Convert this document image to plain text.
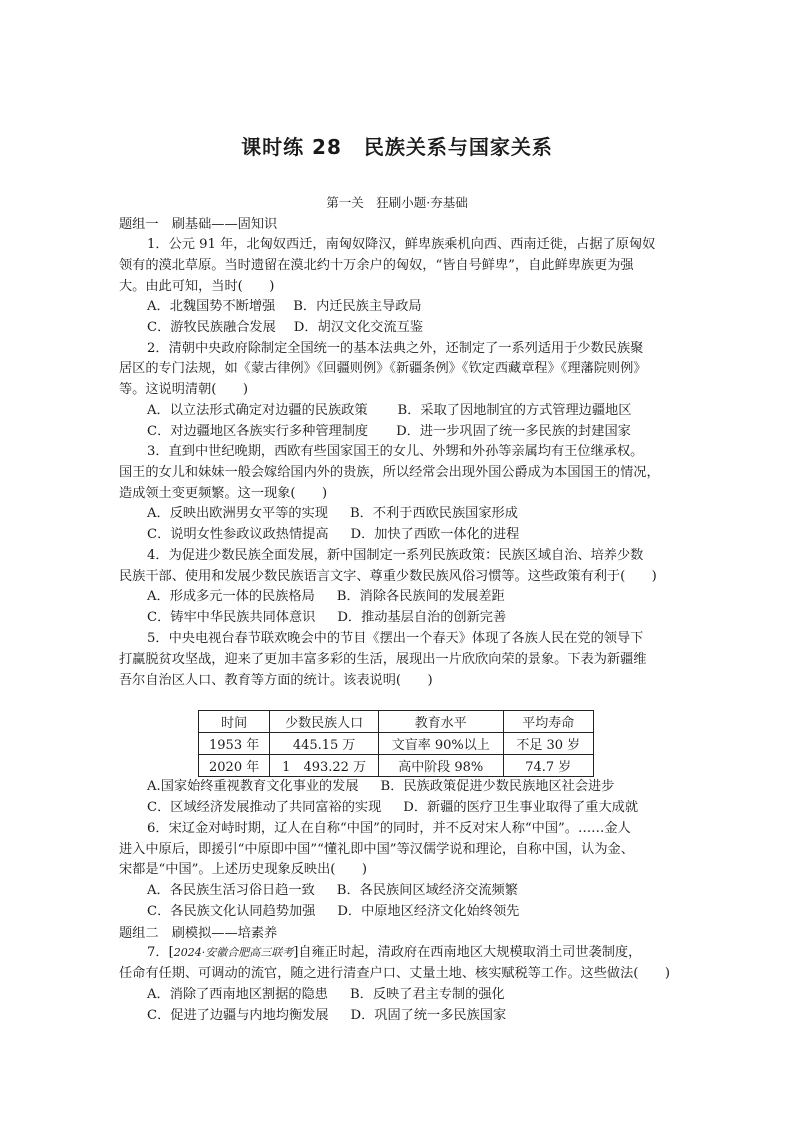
课时练 28 民族关系与国家关系
第一关　狂刷小题·夯基础
题组一　刷基础——固知识
1．公元 91 年，北匈奴西迁，南匈奴降汉，鲜卑族乘机向西、西南迁徙，占据了原匈奴
领有的漠北草原。当时遗留在漠北约十万余户的匈奴，“皆自号鲜卑”，自此鲜卑族更为强
大。由此可知，当时(　　)
A．北魏国势不断增强 B．内迁民族主导政局
C．游牧民族融合发展 D．胡汉文化交流互鉴
2．清朝中央政府除制定全国统一的基本法典之外，还制定了一系列适用于少数民族聚
居区的专门法规，如《蒙古律例》《回疆则例》《新疆条例》《钦定西藏章程》《理藩院则例》
等。这说明清朝(　　)
A．以立法形式确定对边疆的民族政策 B．采取了因地制宜的方式管理边疆地区
C．对边疆地区各族实行多种管理制度 D．进一步巩固了统一多民族的封建国家
3．直到中世纪晚期，西欧有些国家国王的女儿、外甥和外孙等亲属均有王位继承权。
国王的女儿和妹妹一般会嫁给国内外的贵族，所以经常会出现外国公爵成为本国国王的情况，
造成领土变更频繁。这一现象(　　)
A．反映出欧洲男女平等的实现 B．不利于西欧民族国家形成
C．说明女性参政议政热情提高 D．加快了西欧一体化的进程
4．为促进少数民族全面发展，新中国制定一系列民族政策：民族区域自治、培养少数
民族干部、使用和发展少数民族语言文字、尊重少数民族风俗习惯等。这些政策有利于(　　)
A．形成多元一体的民族格局 B．消除各民族间的发展差距
C．铸牢中华民族共同体意识 D．推动基层自治的创新完善
5．中央电视台春节联欢晚会中的节目《摆出一个春天》体现了各族人民在党的领导下
打赢脱贫攻坚战，迎来了更加丰富多彩的生活，展现出一片欣欣向荣的景象。下表为新疆维
吾尔自治区人口、教育等方面的统计。该表说明(　　)
时间	少数民族人口	教育水平	平均寿命
1953 年	445.15 万	文盲率 90%以上	不足 30 岁
2020 年	1　493.22 万	高中阶段 98%	74.7 岁
A.国家始终重视教育文化事业的发展 B．民族政策促进少数民族地区社会进步
C．区域经济发展推动了共同富裕的实现 D．新疆的医疗卫生事业取得了重大成就
6．宋辽金对峙时期，辽人在自称“中国”的同时，并不反对宋人称“中国”。……金人
进入中原后，即援引“中原即中国”“懂礼即中国”等汉儒学说和理论，自称中国，认为金、
宋都是“中国”。上述历史现象反映出(　　)
A．各民族生活习俗日趋一致 B．各民族间区域经济交流频繁
C．各民族文化认同趋势加强 D．中原地区经济文化始终领先
题组二　刷模拟——培素养
7．[2024·安徽合肥高三联考]自雍正时起，清政府在西南地区大规模取消土司世袭制度，
任命有任期、可调动的流官，随之进行清查户口、丈量土地、核实赋税等工作。这些做法(　　)
A．消除了西南地区割据的隐患 B．反映了君主专制的强化
C．促进了边疆与内地均衡发展 D．巩固了统一多民族国家
